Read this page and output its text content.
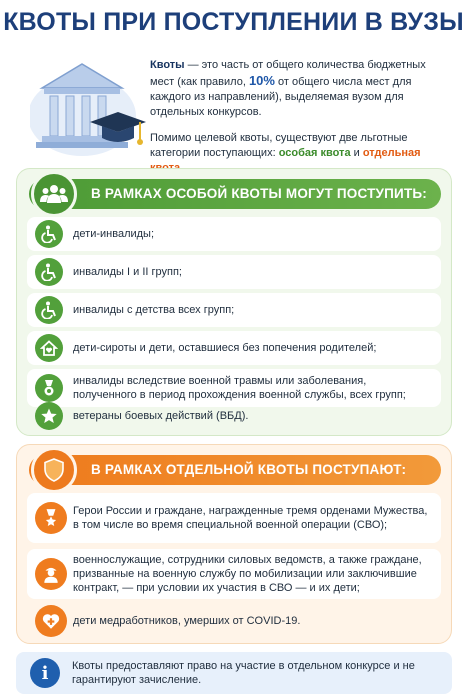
КВОТЫ ПРИ ПОСТУПЛЕНИИ В ВУЗЫ

Квоты — это часть от общего количества бюджетных мест (как правило, 10% от общего числа мест для каждого из направлений), выделяемая вузом для отдельных конкурсов.

Помимо целевой квоты, существуют две льготные категории поступающих: особая квота и отдельная

В РАМКАХ ОСОБОЙ КВОТЫ МОГУТ ПОСТУПИТЬ:
дети-инвалиды;
инвалиды I и II групп;
инвалиды с детства всех групп;
дети-сироты и дети, оставшиеся без попечения родителей;
инвалиды вследствие военной травмы или заболевания, полученного в период прохождения военной службы, всех групп;
ветераны боевых действий (ВБД).
В РАМКАХ ОТДЕЛЬНОЙ КВОТЫ ПОСТУПАЮТ:
Герои России и граждане, награжденные тремя орденами Мужества, в том числе во время специальной военной операции (СВО);
военнослужащие, сотрудники силовых ведомств, а также граждане, призванные на военную службу по мобилизации или заключившие контракт, — при условии их участия в СВО — и их дети;
дети медработников, умерших от COVID-19.
i	Квоты предоставляют право на участие в отдельном конкурсе и не гарантируют зачисление.
